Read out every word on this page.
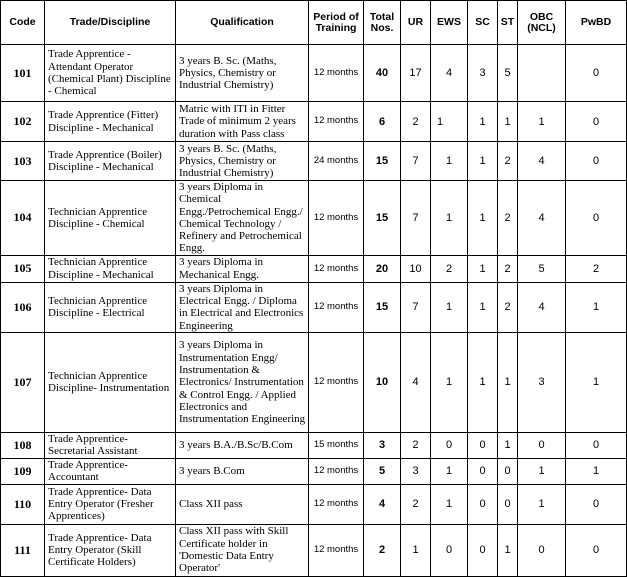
Code	Trade/Discipline	Qualification	Period of Training	Total Nos.	UR	EWS	SC	ST	OBC (NCL)	PwBD
101	Trade Apprentice - Attendant Operator (Chemical Plant) Discipline - Chemical	3 years B. Sc. (Maths, Physics, Chemistry or Industrial Chemistry)	12 months	40	17	4	3	5		0
102	Trade Apprentice (Fitter) Discipline - Mechanical	Matric with ITI in Fitter Trade of minimum 2 years duration with Pass class	12 months	6	2	1	1	1	1	0
103	Trade Apprentice (Boiler) Discipline - Mechanical	3 years B. Sc. (Maths, Physics, Chemistry or Industrial Chemistry)	24 months	15	7	1	1	2	4	0
104	Technician Apprentice Discipline - Chemical	3 years Diploma in Chemical Engg./Petrochemical Engg./ Chemical Technology / Refinery and Petrochemical Engg.	12 months	15	7	1	1	2	4	0
105	Technician Apprentice Discipline - Mechanical	3 years Diploma in Mechanical Engg.	12 months	20	10	2	1	2	5	2
106	Technician Apprentice Discipline - Electrical	3 years Diploma in Electrical Engg. / Diploma in Electrical and Electronics Engineering	12 months	15	7	1	1	2	4	1
107	Technician Apprentice Discipline- Instrumentation	3 years Diploma in Instrumentation Engg/ Instrumentation & Electronics/ Instrumentation & Control Engg. / Applied Electronics and Instrumentation Engineering	12 months	10	4	1	1	1	3	1
108	Trade Apprentice- Secretarial Assistant	3 years B.A./B.Sc/B.Com	15 months	3	2	0	0	1	0	0
109	Trade Apprentice- Accountant	3 years B.Com	12 months	5	3	1	0	0	1	1
110	Trade Apprentice- Data Entry Operator (Fresher Apprentices)	Class XII pass	12 months	4	2	1	0	0	1	0
111	Trade Apprentice- Data Entry Operator (Skill Certificate Holders)	Class XII pass with Skill Certificate holder in 'Domestic Data Entry Operator'	12 months	2	1	0	0	1	0	0
